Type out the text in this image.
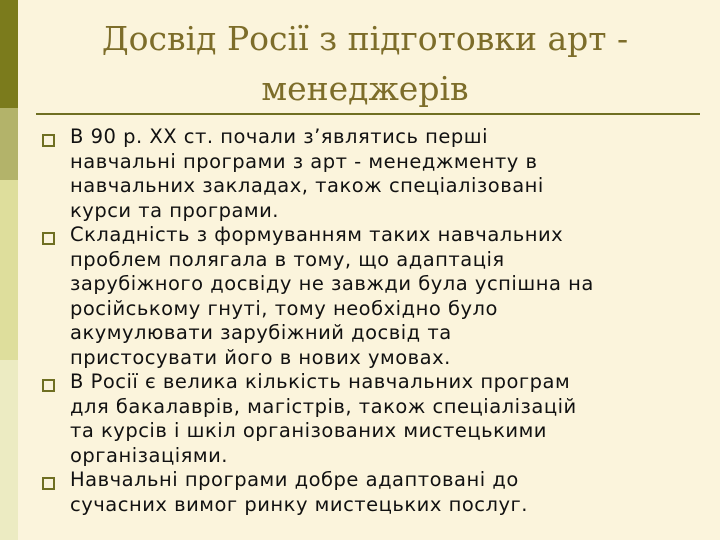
Досвід Росії з підготовки арт -
менеджерів
В 90 р. ХХ ст. почали з’являтись перші
навчальні програми з арт - менеджменту в
навчальних закладах, також спеціалізовані
курси та програми.
Складність з формуванням таких навчальних
проблем полягала в тому, що адаптація
зарубіжного досвіду не завжди була успішна на
російському гнуті, тому необхідно було
акумулювати зарубіжний досвід та
пристосувати його в нових умовах.
В Росії є велика кількість навчальних програм
для бакалаврів, магістрів, також спеціалізацій
та курсів і шкіл організованих мистецькими
організаціями.
Навчальні програми добре адаптовані до
сучасних вимог ринку мистецьких послуг.
